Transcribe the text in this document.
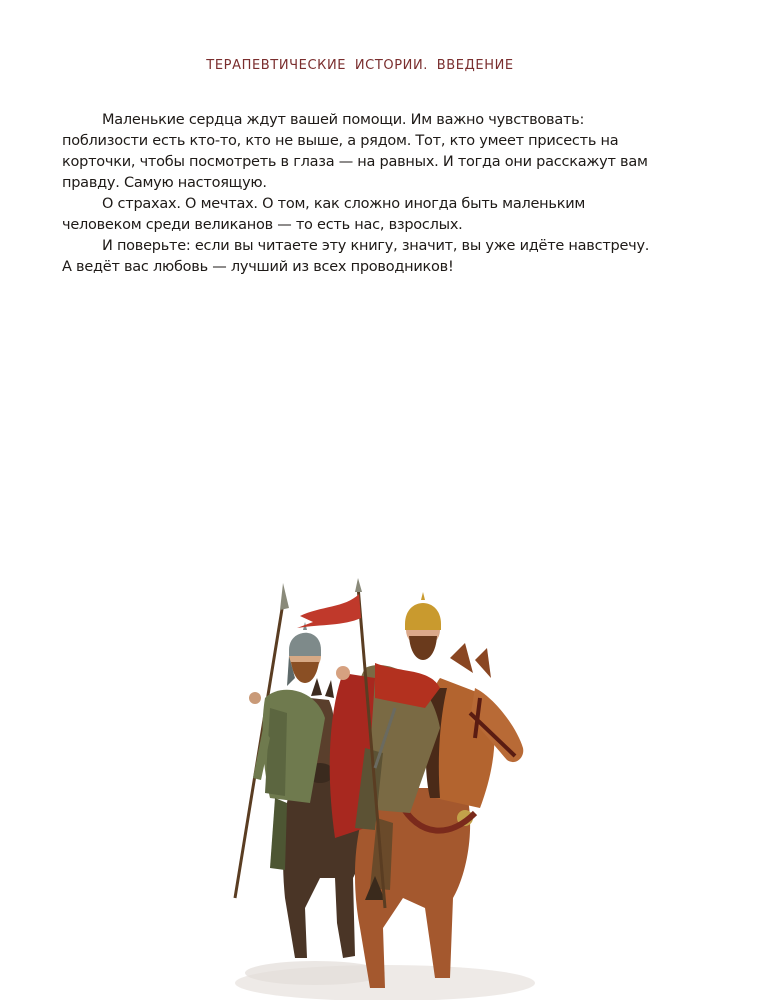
ТЕРАПЕВТИЧЕСКИЕ ИСТОРИИ. ВВЕДЕНИЕ

Маленькие сердца ждут вашей помощи. Им важно чувствовать: поблизости есть кто-то, кто не выше, а рядом. Тот, кто умеет присесть на корточки, чтобы посмотреть в глаза — на равных. И тогда они расскажут вам правду. Самую настоящую.

О страхах. О мечтах. О том, как сложно иногда быть маленьким человеком среди великанов — то есть нас, взрослых.

И поверьте: если вы читаете эту книгу, значит, вы уже идёте навстречу. А ведёт вас любовь — лучший из всех проводников!
